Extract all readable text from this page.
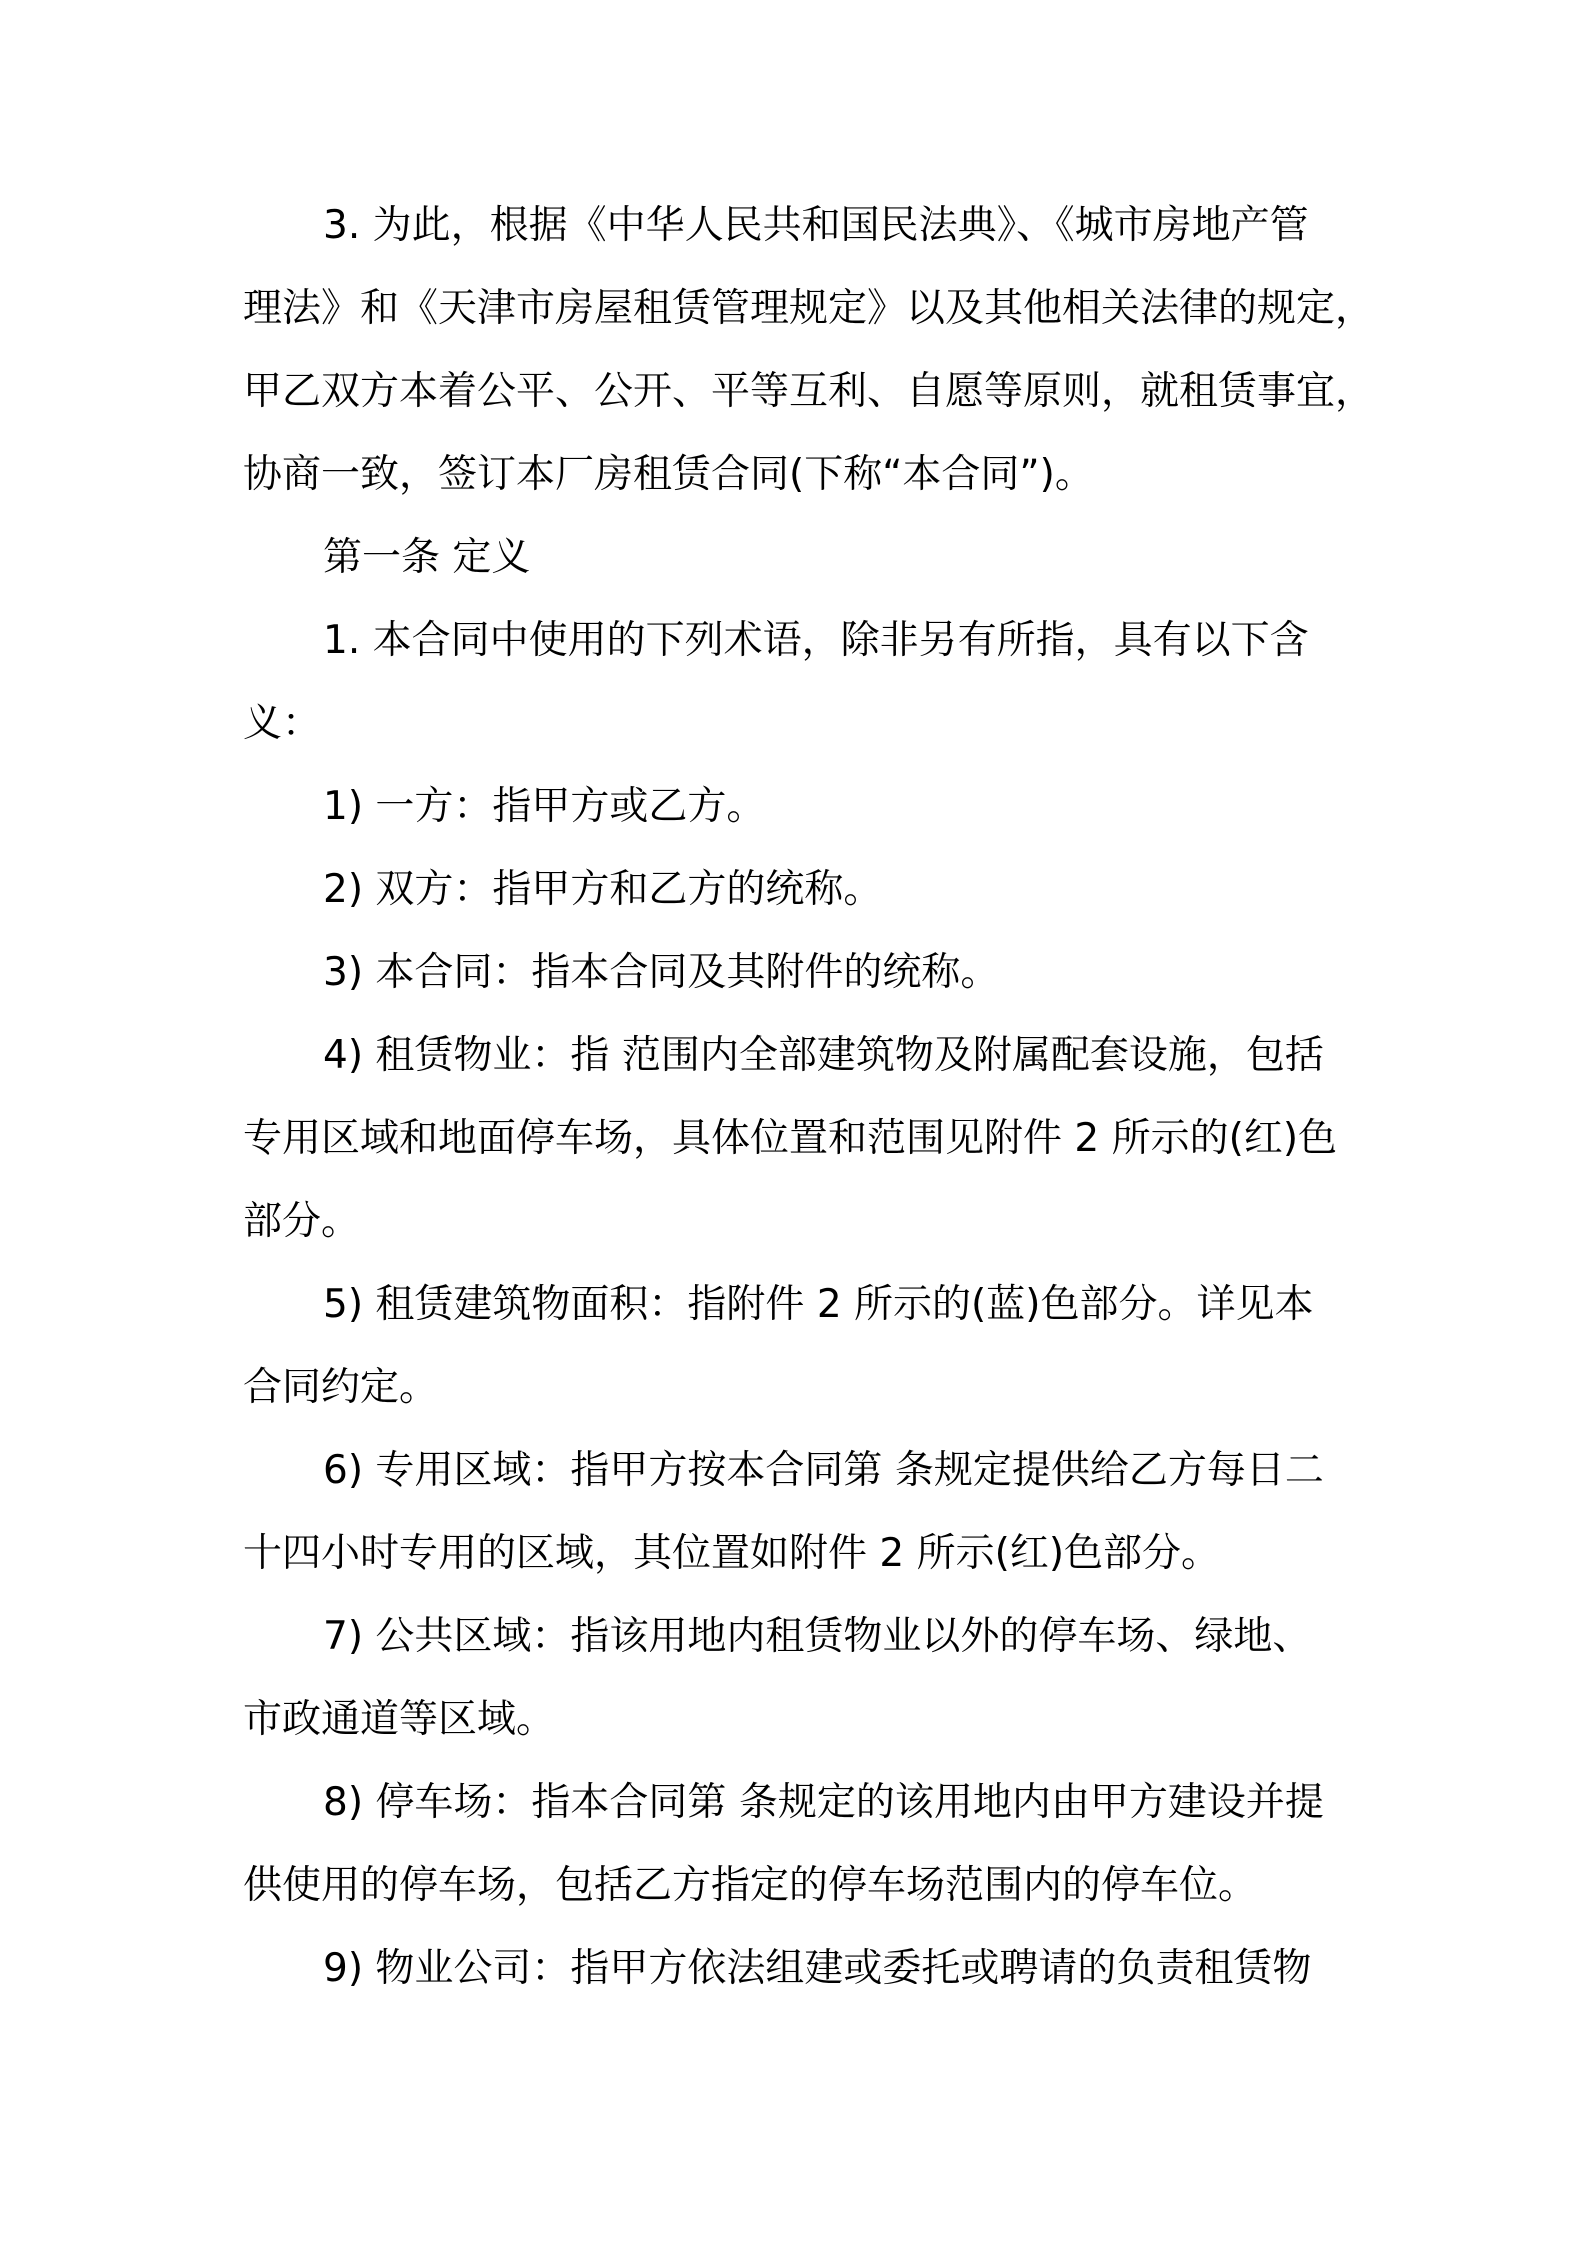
3. 为此，根据《中华人民共和国民法典》、《城市房地产管
理法》和《天津市房屋租赁管理规定》以及其他相关法律的规定，
甲乙双方本着公平、公开、平等互利、自愿等原则，就租赁事宜，
协商一致，签订本厂房租赁合同(下称“本合同”)。
第一条 定义
1. 本合同中使用的下列术语，除非另有所指，具有以下含
义：
1) 一方：指甲方或乙方。
2) 双方：指甲方和乙方的统称。
3) 本合同：指本合同及其附件的统称。
4) 租赁物业：指 范围内全部建筑物及附属配套设施，包括
专用区域和地面停车场，具体位置和范围见附件 2 所示的(红)色
部分。
5) 租赁建筑物面积：指附件 2 所示的(蓝)色部分。详见本
合同约定。
6) 专用区域：指甲方按本合同第 条规定提供给乙方每日二
十四小时专用的区域，其位置如附件 2 所示(红)色部分。
7) 公共区域：指该用地内租赁物业以外的停车场、绿地、
市政通道等区域。
8) 停车场：指本合同第 条规定的该用地内由甲方建设并提
供使用的停车场，包括乙方指定的停车场范围内的停车位。
9) 物业公司：指甲方依法组建或委托或聘请的负责租赁物
